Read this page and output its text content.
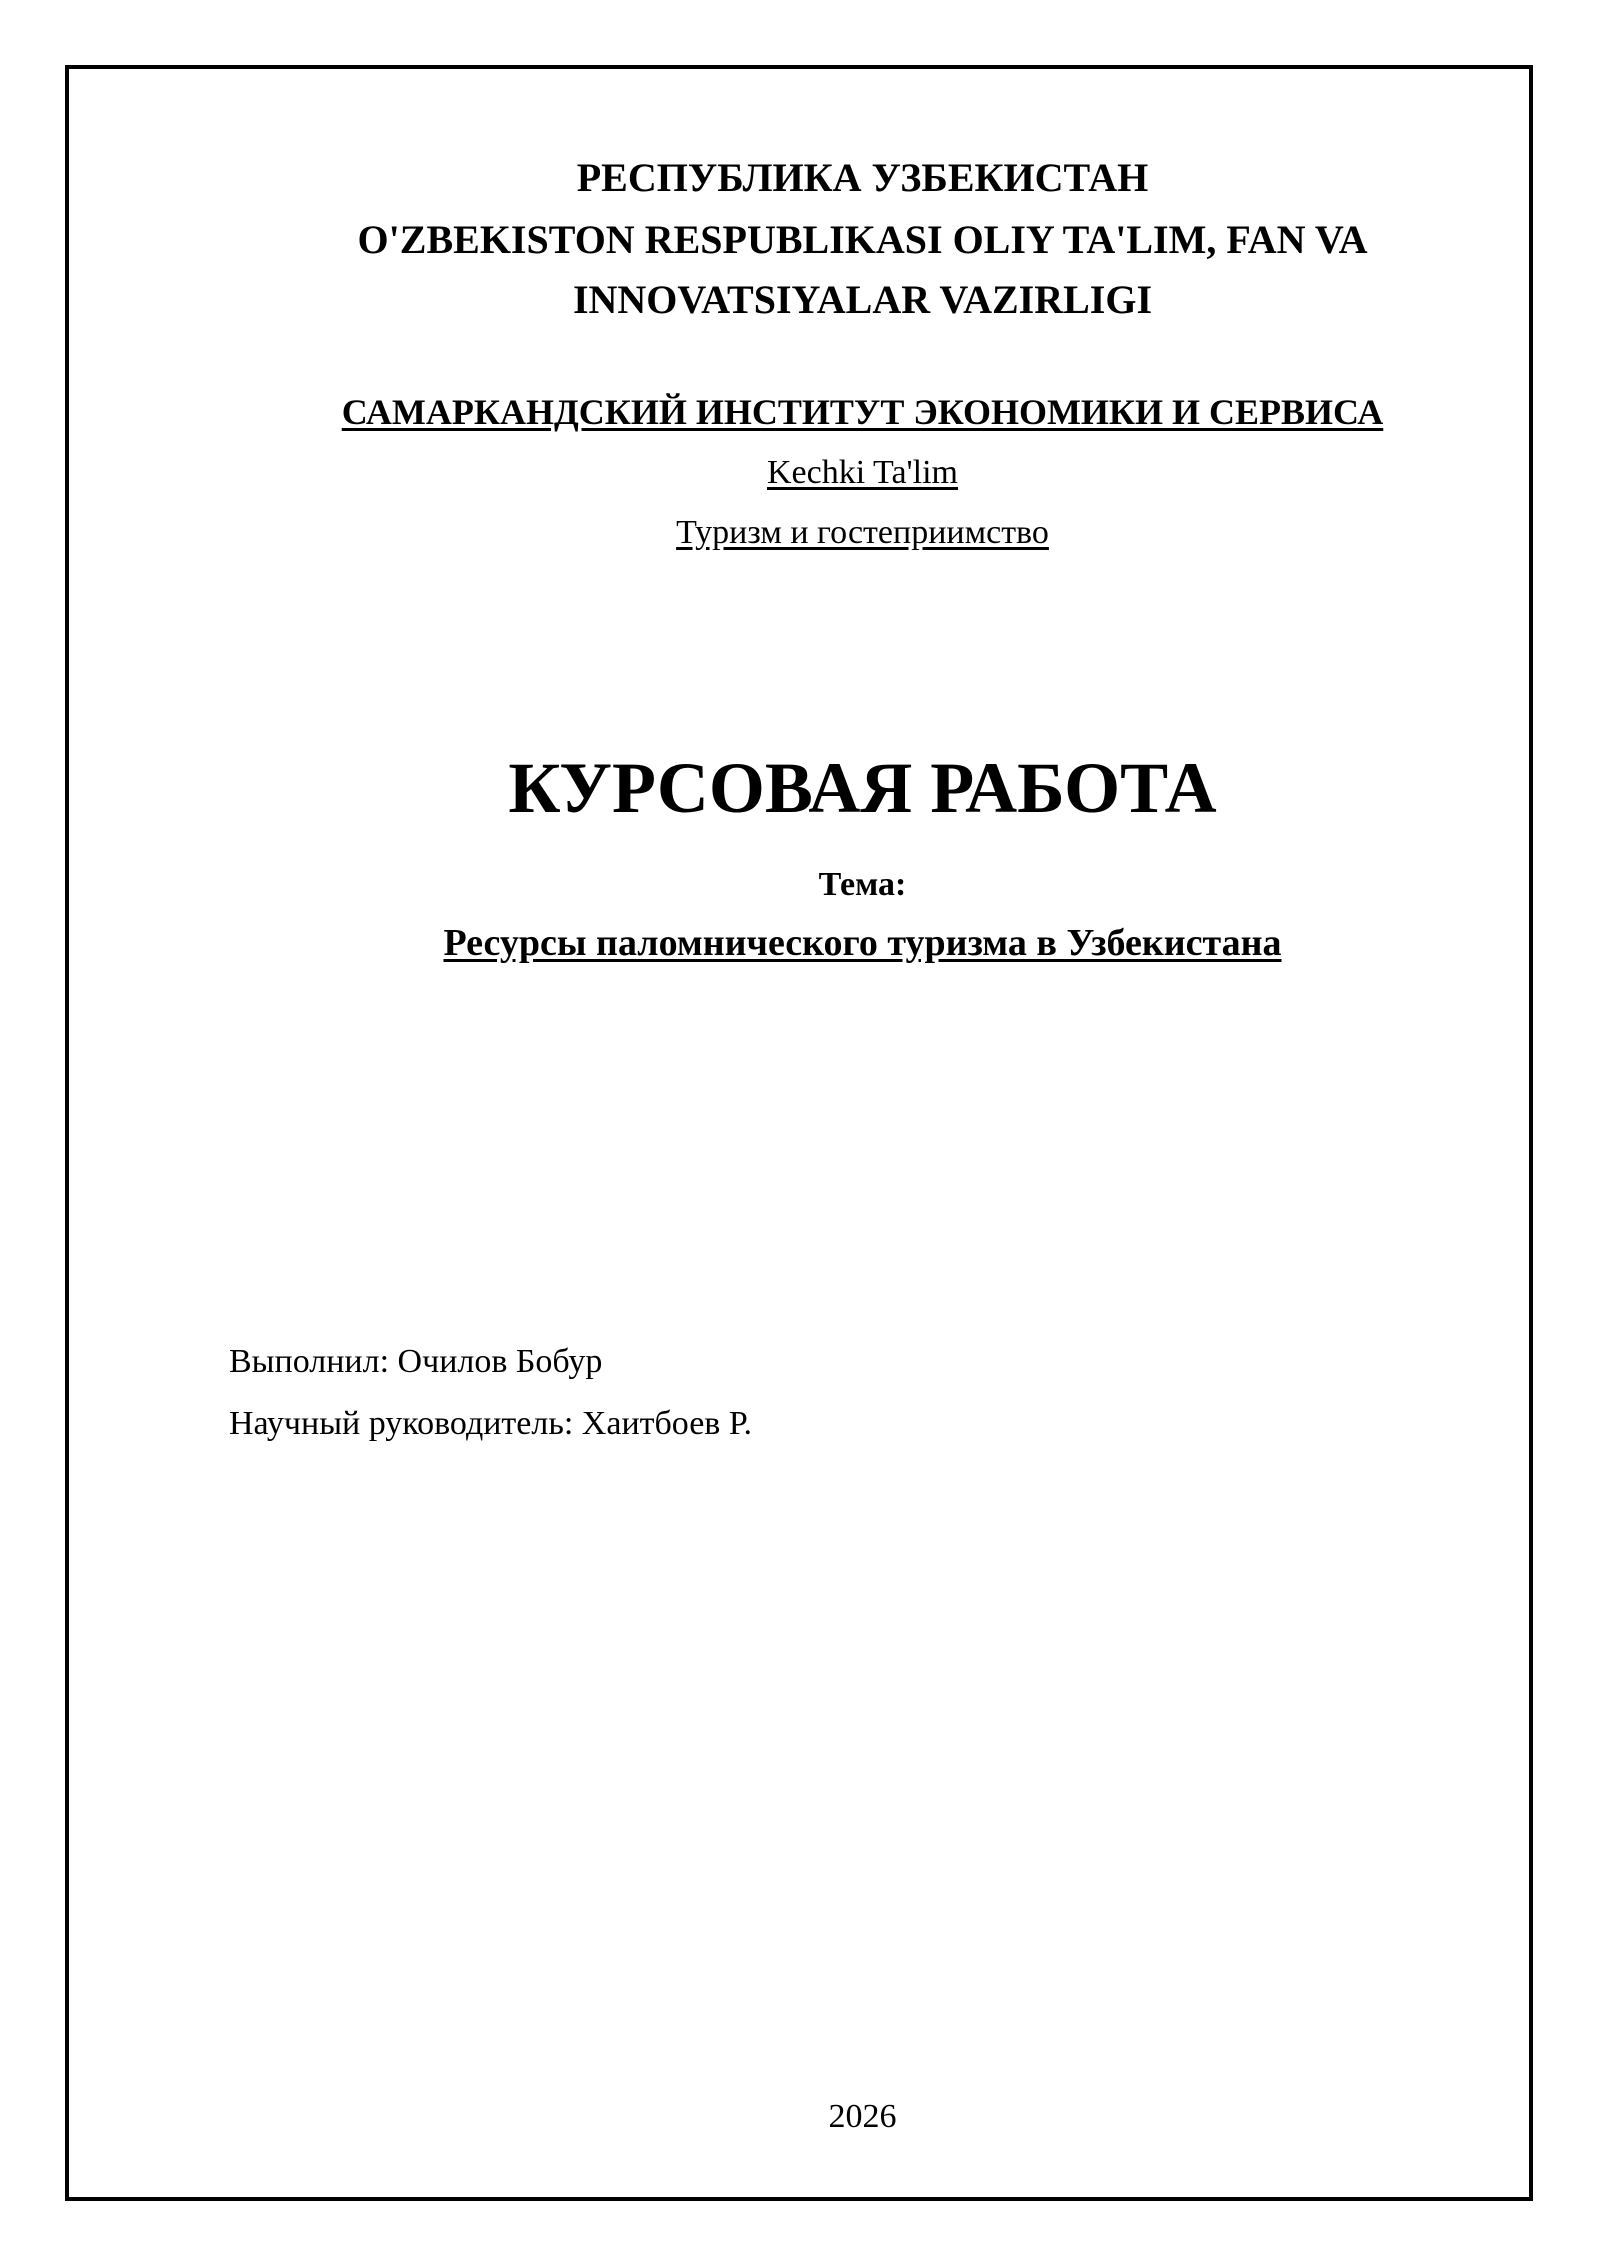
РЕСПУБЛИКА УЗБЕКИСТАН
O'ZBEKISTON RESPUBLIKASI OLIY TA'LIM, FAN VA
INNOVATSIYALAR VAZIRLIGI
САМАРКАНДСКИЙ ИНСТИТУТ ЭКОНОМИКИ И СЕРВИСА
Kechki Ta'lim
Туризм и гостеприимство
КУРСОВАЯ РАБОТА
Тема:
Ресурсы паломнического туризма в Узбекистана
Выполнил: Очилов Бобур
Научный руководитель: Хаитбоев Р.
2026
